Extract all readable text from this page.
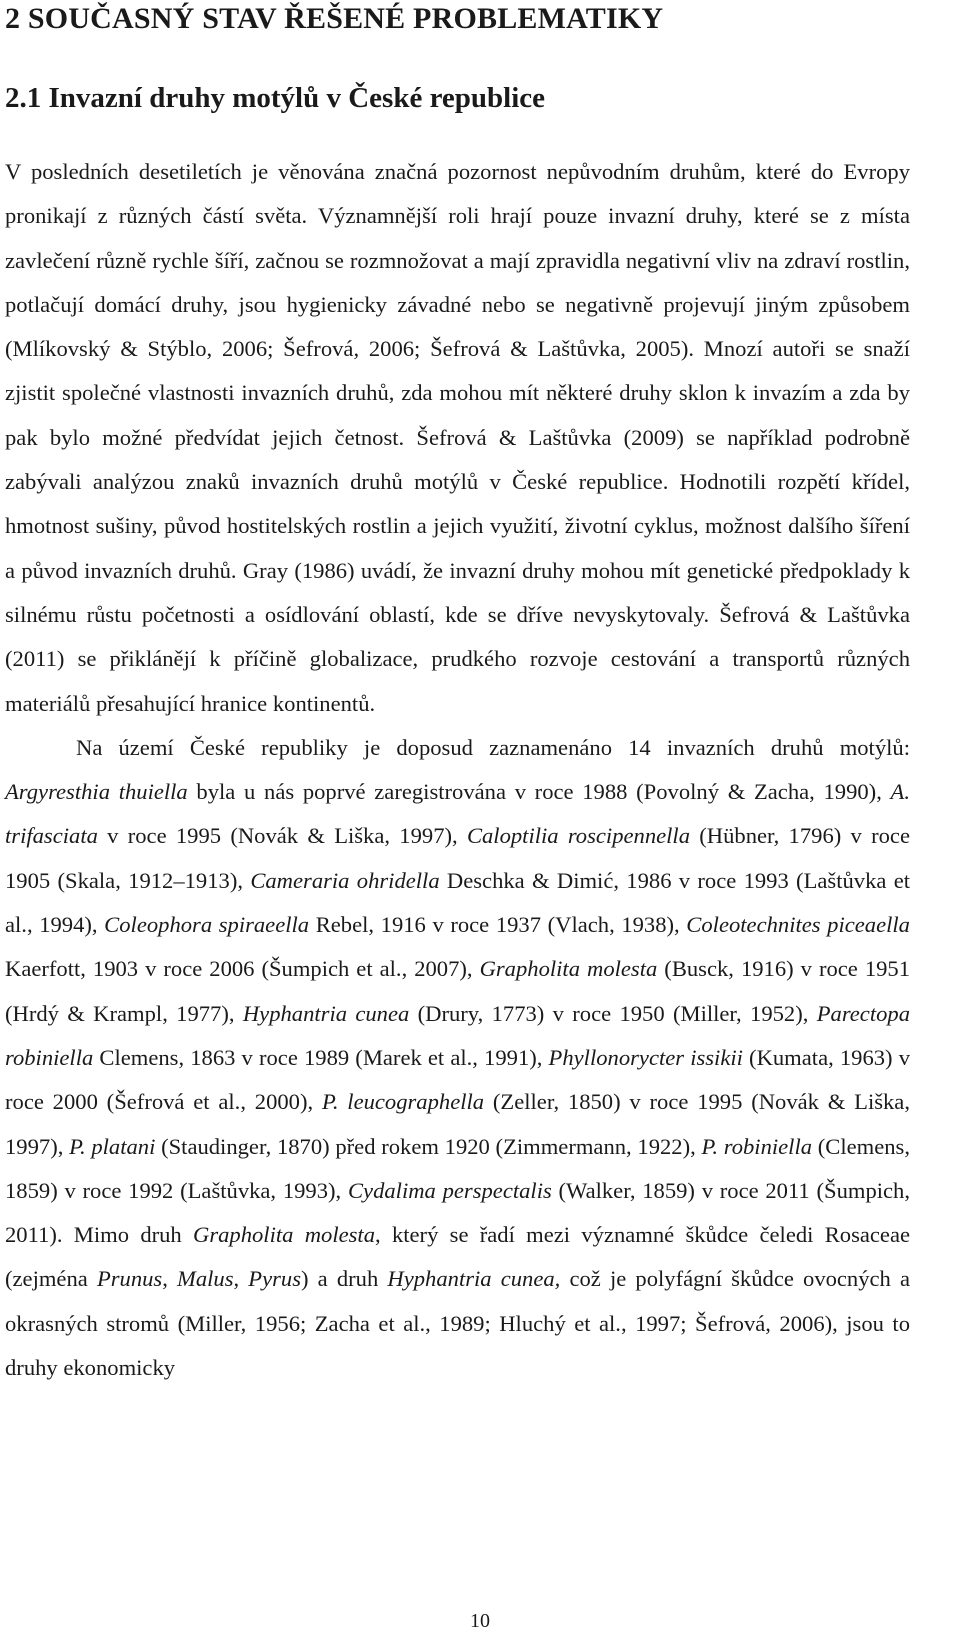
2 SOUČASNÝ STAV ŘEŠENÉ PROBLEMATIKY
2.1 Invazní druhy motýlů v České republice

V posledních desetiletích je věnována značná pozornost nepůvodním druhům, které do Evropy pronikají z různých částí světa. Významnější roli hrají pouze invazní druhy, které se z místa zavlečení různě rychle šíří, začnou se rozmnožovat a mají zpravidla negativní vliv na zdraví rostlin, potlačují domácí druhy, jsou hygienicky závadné nebo se negativně projevují jiným způsobem (Mlíkovský & Stýblo, 2006; Šefrová, 2006; Šefrová & Laštůvka, 2005). Mnozí autoři se snaží zjistit společné vlastnosti invazních druhů, zda mohou mít některé druhy sklon k invazím a zda by pak bylo možné předvídat jejich četnost. Šefrová & Laštůvka (2009) se například podrobně zabývali analýzou znaků invazních druhů motýlů v České republice. Hodnotili rozpětí křídel, hmotnost sušiny, původ hostitelských rostlin a jejich využití, životní cyklus, možnost dalšího šíření a původ invazních druhů. Gray (1986) uvádí, že invazní druhy mohou mít genetické předpoklady k silnému růstu početnosti a osídlování oblastí, kde se dříve nevyskytovaly. Šefrová & Laštůvka (2011) se přiklánějí k příčině globalizace, prudkého rozvoje cestování a transportů různých materiálů přesahující hranice kontinentů.

Na území České republiky je doposud zaznamenáno 14 invazních druhů motýlů: Argyresthia thuiella byla u nás poprvé zaregistrována v roce 1988 (Povolný & Zacha, 1990), A. trifasciata v roce 1995 (Novák & Liška, 1997), Caloptilia roscipennella (Hübner, 1796) v roce 1905 (Skala, 1912–1913), Cameraria ohridella Deschka & Dimić, 1986 v roce 1993 (Laštůvka et al., 1994), Coleophora spiraeella Rebel, 1916 v roce 1937 (Vlach, 1938), Coleotechnites piceaella Kaerfott, 1903 v roce 2006 (Šumpich et al., 2007), Grapholita molesta (Busck, 1916) v roce 1951 (Hrdý & Krampl, 1977), Hyphantria cunea (Drury, 1773) v roce 1950 (Miller, 1952), Parectopa robiniella Clemens, 1863 v roce 1989 (Marek et al., 1991), Phyllonorycter issikii (Kumata, 1963) v roce 2000 (Šefrová et al., 2000), P. leucographella (Zeller, 1850) v roce 1995 (Novák & Liška, 1997), P. platani (Staudinger, 1870) před rokem 1920 (Zimmermann, 1922), P. robiniella (Clemens, 1859) v roce 1992 (Laštůvka, 1993), Cydalima perspectalis (Walker, 1859) v roce 2011 (Šumpich, 2011). Mimo druh Grapholita molesta, který se řadí mezi významné škůdce čeledi Rosaceae (zejména Prunus, Malus, Pyrus) a druh Hyphantria cunea, což je polyfágní škůdce ovocných a okrasných stromů (Miller, 1956; Zacha et al., 1989; Hluchý et al., 1997; Šefrová, 2006), jsou to druhy ekonomicky

10
